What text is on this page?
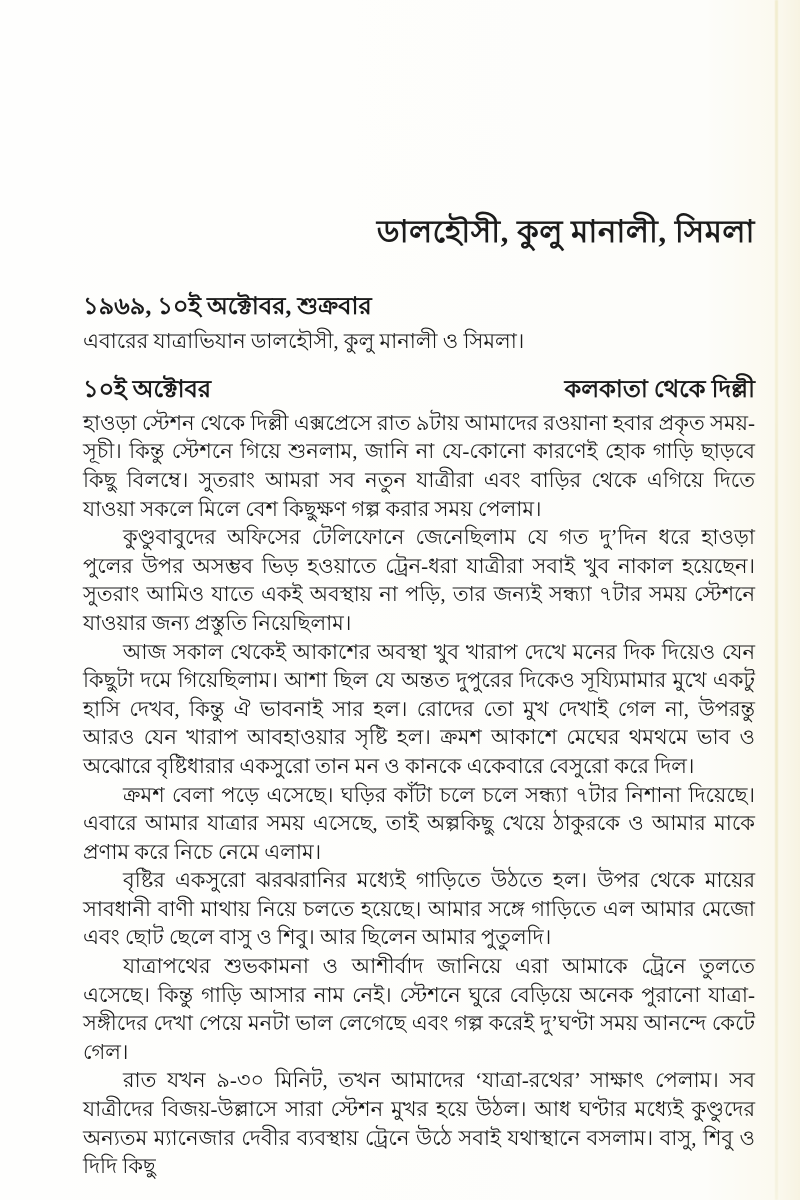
ডালহৌসী, কুলু মানালী, সিমলা
১৯৬৯, ১০ই অক্টোবর, শুক্রবার

এবারের যাত্রাভিযান ডালহৌসী, কুলু মানালী ও সিমলা।

১০ই অক্টোবর	কলকাতা থেকে দিল্লী

হাওড়া স্টেশন থেকে দিল্লী এক্সপ্রেসে রাত ৯টায় আমাদের রওয়ানা হবার প্রকৃত সময়-সূচী। কিন্তু স্টেশনে গিয়ে শুনলাম, জানি না যে-কোনো কারণেই হোক গাড়ি ছাড়বে কিছু বিলম্বে। সুতরাং আমরা সব নতুন যাত্রীরা এবং বাড়ির থেকে এগিয়ে দিতে যাওয়া সকলে মিলে বেশ কিছুক্ষণ গল্প করার সময় পেলাম।

কুণ্ডুবাবুদের অফিসের টেলিফোনে জেনেছিলাম যে গত দু’দিন ধরে হাওড়া পুলের উপর অসম্ভব ভিড় হওয়াতে ট্রেন-ধরা যাত্রীরা সবাই খুব নাকাল হয়েছেন। সুতরাং আমিও যাতে একই অবস্থায় না পড়ি, তার জন্যই সন্ধ্যা ৭টার সময় স্টেশনে যাওয়ার জন্য প্রস্তুতি নিয়েছিলাম।

আজ সকাল থেকেই আকাশের অবস্থা খুব খারাপ দেখে মনের দিক দিয়েও যেন কিছুটা দমে গিয়েছিলাম। আশা ছিল যে অন্তত দুপুরের দিকেও সূয্যিমামার মুখে একটু হাসি দেখব, কিন্তু ঐ ভাবনাই সার হল। রোদের তো মুখ দেখাই গেল না, উপরন্তু আরও যেন খারাপ আবহাওয়ার সৃষ্টি হল। ক্রমশ আকাশে মেঘের থমথমে ভাব ও অঝোরে বৃষ্টিধারার একসুরো তান মন ও কানকে একেবারে বেসুরো করে দিল।

ক্রমশ বেলা পড়ে এসেছে। ঘড়ির কাঁটা চলে চলে সন্ধ্যা ৭টার নিশানা দিয়েছে। এবারে আমার যাত্রার সময় এসেছে, তাই অল্পকিছু খেয়ে ঠাকুরকে ও আমার মাকে প্রণাম করে নিচে নেমে এলাম।

বৃষ্টির একসুরো ঝরঝরানির মধ্যেই গাড়িতে উঠতে হল। উপর থেকে মায়ের সাবধানী বাণী মাথায় নিয়ে চলতে হয়েছে। আমার সঙ্গে গাড়িতে এল আমার মেজো এবং ছোট ছেলে বাসু ও শিবু। আর ছিলেন আমার পুতুলদি।

যাত্রাপথের শুভকামনা ও আশীর্বাদ জানিয়ে এরা আমাকে ট্রেনে তুলতে এসেছে। কিন্তু গাড়ি আসার নাম নেই। স্টেশনে ঘুরে বেড়িয়ে অনেক পুরানো যাত্রা-সঙ্গীদের দেখা পেয়ে মনটা ভাল লেগেছে এবং গল্প করেই দু’ঘণ্টা সময় আনন্দে কেটে গেল।

রাত যখন ৯-৩০ মিনিট, তখন আমাদের ‘যাত্রা-রথের’ সাক্ষাৎ পেলাম। সব যাত্রীদের বিজয়-উল্লাসে সারা স্টেশন মুখর হয়ে উঠল। আধ ঘণ্টার মধ্যেই কুণ্ডুদের অন্যতম ম্যানেজার দেবীর ব্যবস্থায় ট্রেনে উঠে সবাই যথাস্থানে বসলাম। বাসু, শিবু ও দিদি কিছু
